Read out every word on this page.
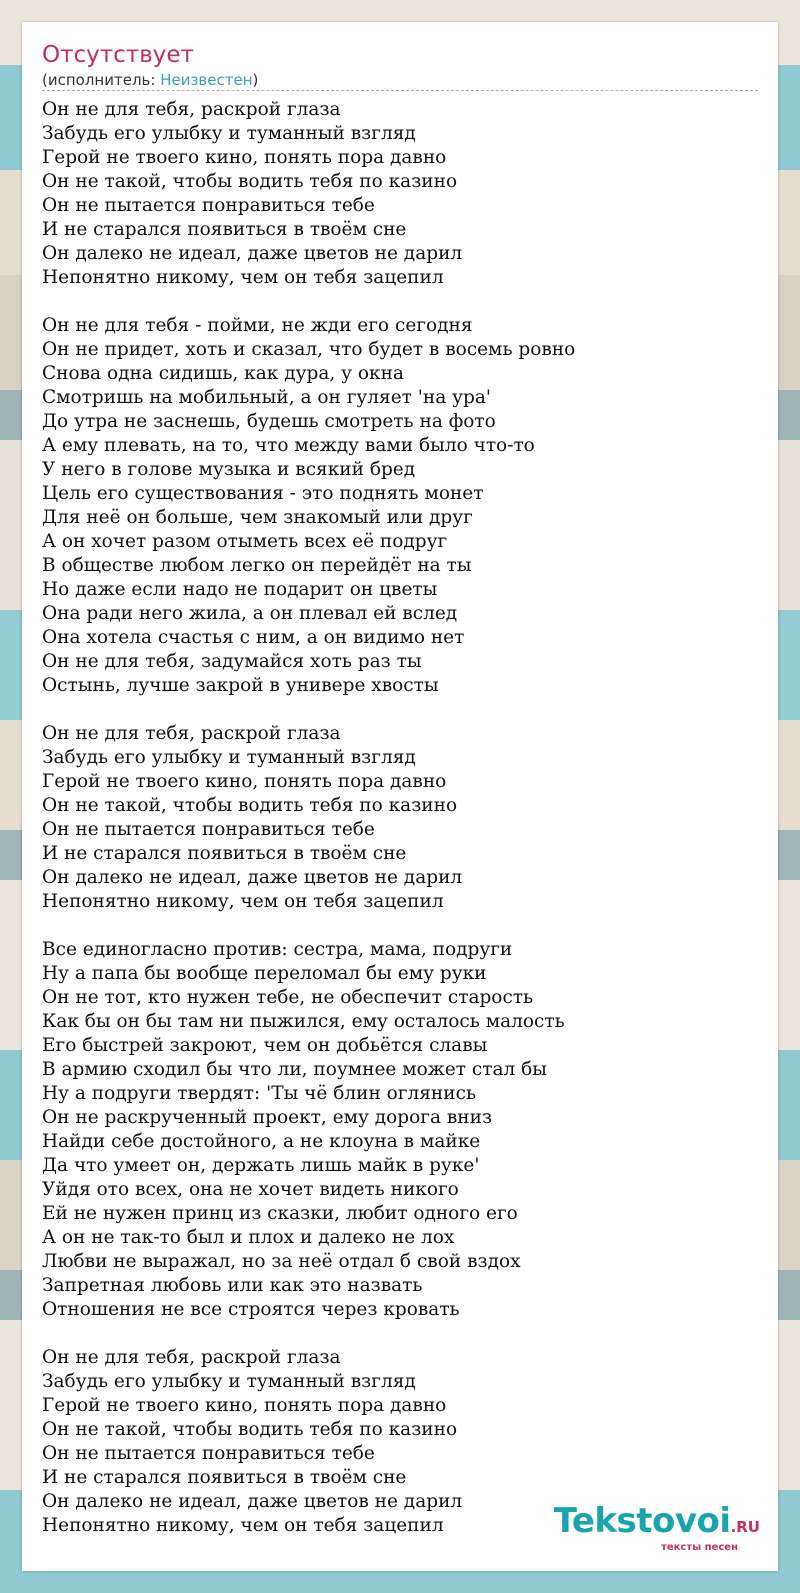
Отсутствует
(исполнитель: Неизвестен)
Он не для тебя, раскрой глаза
Забудь его улыбку и туманный взгляд
Герой не твоего кино, понять пора давно
Он не такой, чтобы водить тебя по казино
Он не пытается понравиться тебе
И не старался появиться в твоём сне
Он далеко не идеал, даже цветов не дарил
Непонятно никому, чем он тебя зацепил
Он не для тебя - пойми, не жди его сегодня
Он не придет, хоть и сказал, что будет в восемь ровно
Снова одна сидишь, как дура, у окна
Смотришь на мобильный, а он гуляет 'на ура'
До утра не заснешь, будешь смотреть на фото
А ему плевать, на то, что между вами было что-то
У него в голове музыка и всякий бред
Цель его существования - это поднять монет
Для неё он больше, чем знакомый или друг
А он хочет разом отыметь всех её подруг
В обществе любом легко он перейдёт на ты
Но даже если надо не подарит он цветы
Она ради него жила, а он плевал ей вслед
Она хотела счастья с ним, а он видимо нет
Он не для тебя, задумайся хоть раз ты
Остынь, лучше закрой в универе хвосты
Он не для тебя, раскрой глаза
Забудь его улыбку и туманный взгляд
Герой не твоего кино, понять пора давно
Он не такой, чтобы водить тебя по казино
Он не пытается понравиться тебе
И не старался появиться в твоём сне
Он далеко не идеал, даже цветов не дарил
Непонятно никому, чем он тебя зацепил
Все единогласно против: сестра, мама, подруги
Ну а папа бы вообще переломал бы ему руки
Он не тот, кто нужен тебе, не обеспечит старость
Как бы он бы там ни пыжился, ему осталось малость
Его быстрей закроют, чем он добьётся славы
В армию сходил бы что ли, поумнее может стал бы
Ну а подруги твердят: 'Ты чё блин оглянись
Он не раскрученный проект, ему дорога вниз
Найди себе достойного, а не клоуна в майке
Да что умеет он, держать лишь майк в руке'
Уйдя ото всех, она не хочет видеть никого
Ей не нужен принц из сказки, любит одного его
А он не так-то был и плох и далеко не лох
Любви не выражал, но за неё отдал б свой вздох
Запретная любовь или как это назвать
Отношения не все строятся через кровать
Он не для тебя, раскрой глаза
Забудь его улыбку и туманный взгляд
Герой не твоего кино, понять пора давно
Он не такой, чтобы водить тебя по казино
Он не пытается понравиться тебе
И не старался появиться в твоём сне
Он далеко не идеал, даже цветов не дарил
Непонятно никому, чем он тебя зацепил	Tekstovoi.RU
тексты песен
